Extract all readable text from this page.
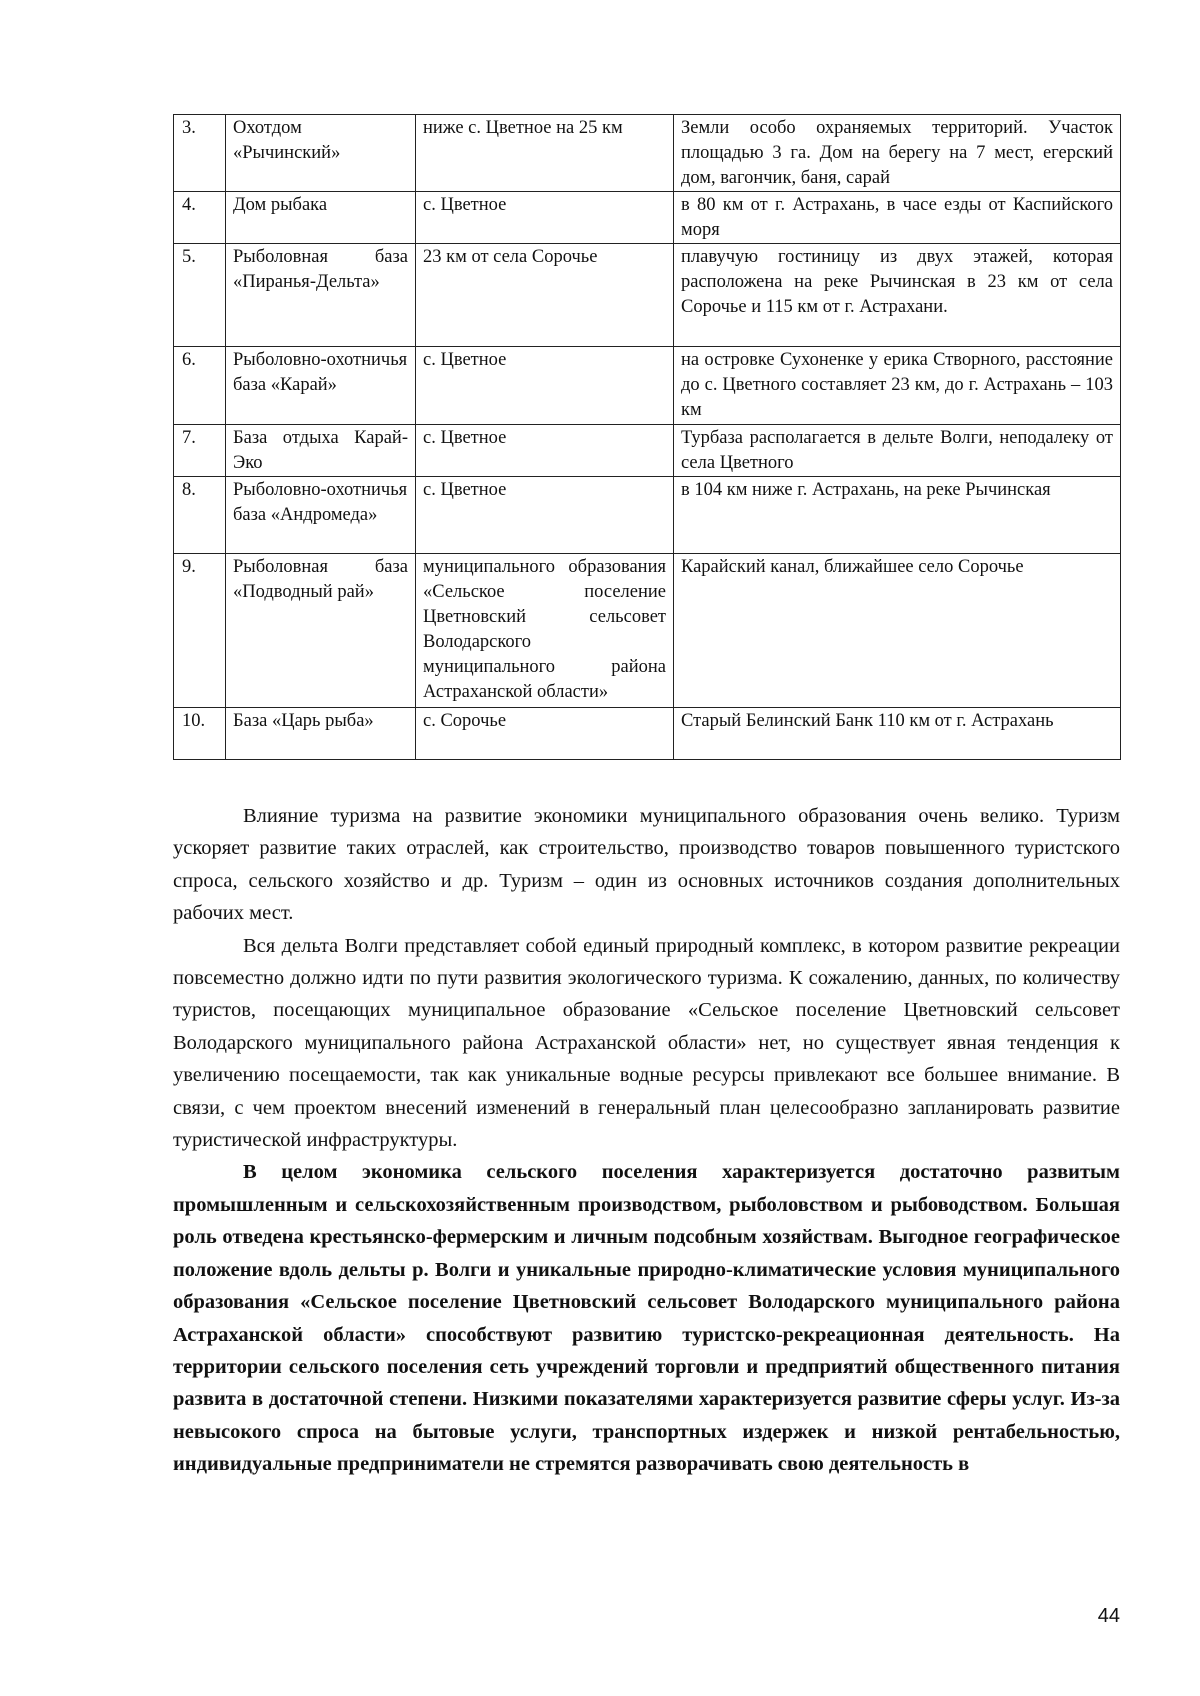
3.	Охотдом «Рычинский»	ниже с. Цветное на 25 км	Земли особо охраняемых территорий. Участок площадью 3 га. Дом на берегу на 7 мест, егерский дом, вагончик, баня, сарай
4.	Дом рыбака	с. Цветное	в 80 км от г. Астрахань, в часе езды от Каспийского моря
5.	Рыболовная база «Пиранья-Дельта»	23 км от села Сорочье	плавучую гостиницу из двух этажей, которая расположена на реке Рычинская в 23 км от села Сорочье и 115 км от г. Астрахани.
6.	Рыболовно-охотничья база «Карай»	с. Цветное	на островке Сухоненке у ерика Створного, расстояние до с. Цветного составляет 23 км, до г. Астрахань – 103 км
7.	База отдыха Карай-Эко	с. Цветное	Турбаза располагается в дельте Волги, неподалеку от села Цветного
8.	Рыболовно-охотничья база «Андромеда»	с. Цветное	в 104 км ниже г. Астрахань, на реке Рычинская
9.	Рыболовная база «Подводный рай»	муниципального образования «Сельское поселение Цветновский сельсовет Володарского муниципального района Астраханской области»	Карайский канал, ближайшее село Сорочье
10.	База «Царь рыба»	с. Сорочье	Старый Белинский Банк 110 км от г. Астрахань

Влияние туризма на развитие экономики муниципального образования очень велико. Туризм ускоряет развитие таких отраслей, как строительство, производство товаров повышенного туристского спроса, сельского хозяйство и др. Туризм – один из основных источников создания дополнительных рабочих мест.

Вся дельта Волги представляет собой единый природный комплекс, в котором развитие рекреации повсеместно должно идти по пути развития экологического туризма. К сожалению, данных, по количеству туристов, посещающих муниципальное образование «Сельское поселение Цветновский сельсовет Володарского муниципального района Астраханской области» нет, но существует явная тенденция к увеличению посещаемости, так как уникальные водные ресурсы привлекают все большее внимание. В связи, с чем проектом внесений изменений в генеральный план целесообразно запланировать развитие туристической инфраструктуры.

В целом экономика сельского поселения характеризуется достаточно развитым промышленным и сельскохозяйственным производством, рыболовством и рыбоводством. Большая роль отведена крестьянско-фермерским и личным подсобным хозяйствам. Выгодное географическое положение вдоль дельты р. Волги и уникальные природно-климатические условия муниципального образования «Сельское поселение Цветновский сельсовет Володарского муниципального района Астраханской области» способствуют развитию туристско-рекреационная деятельность. На территории сельского поселения сеть учреждений торговли и предприятий общественного питания развита в достаточной степени. Низкими показателями характеризуется развитие сферы услуг. Из-за невысокого спроса на бытовые услуги, транспортных издержек и низкой рентабельностью, индивидуальные предприниматели не стремятся разворачивать свою деятельность в

44
